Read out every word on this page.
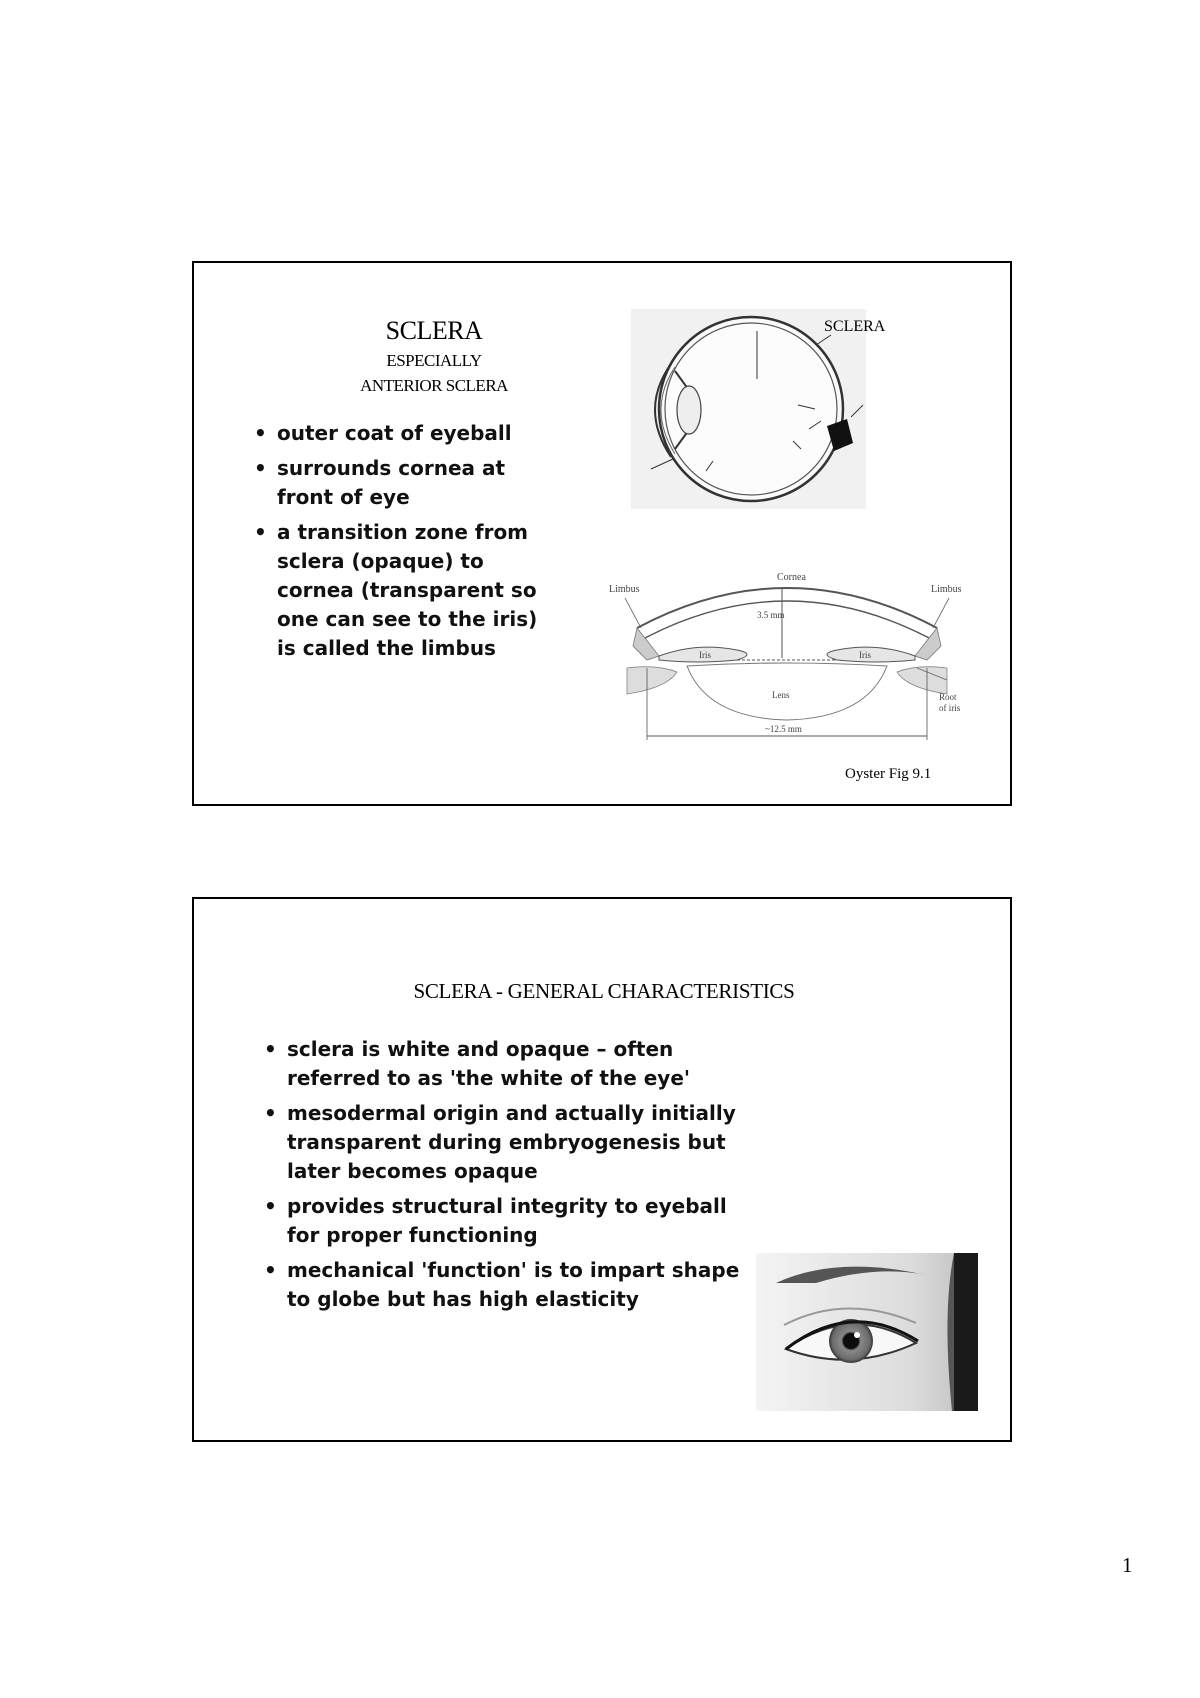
SCLERA
ESPECIALLY
ANTERIOR SCLERA
• outer coat of eyeball
• surrounds cornea at front of eye
• a transition zone from sclera (opaque) to cornea (transparent so one can see to the iris) is called the limbus
SCLERA
Cornea
Limbus	Limbus
3.5 mm
Iris	Iris
Lens	Root
of iris
~12.5 mm
Oyster Fig 9.1
SCLERA - GENERAL CHARACTERISTICS
• sclera is white and opaque – often referred to as 'the white of the eye'
• mesodermal origin and actually initially transparent during embryogenesis but later becomes opaque
• provides structural integrity to eyeball for proper functioning
• mechanical 'function' is to impart shape to globe but has high elasticity
1
